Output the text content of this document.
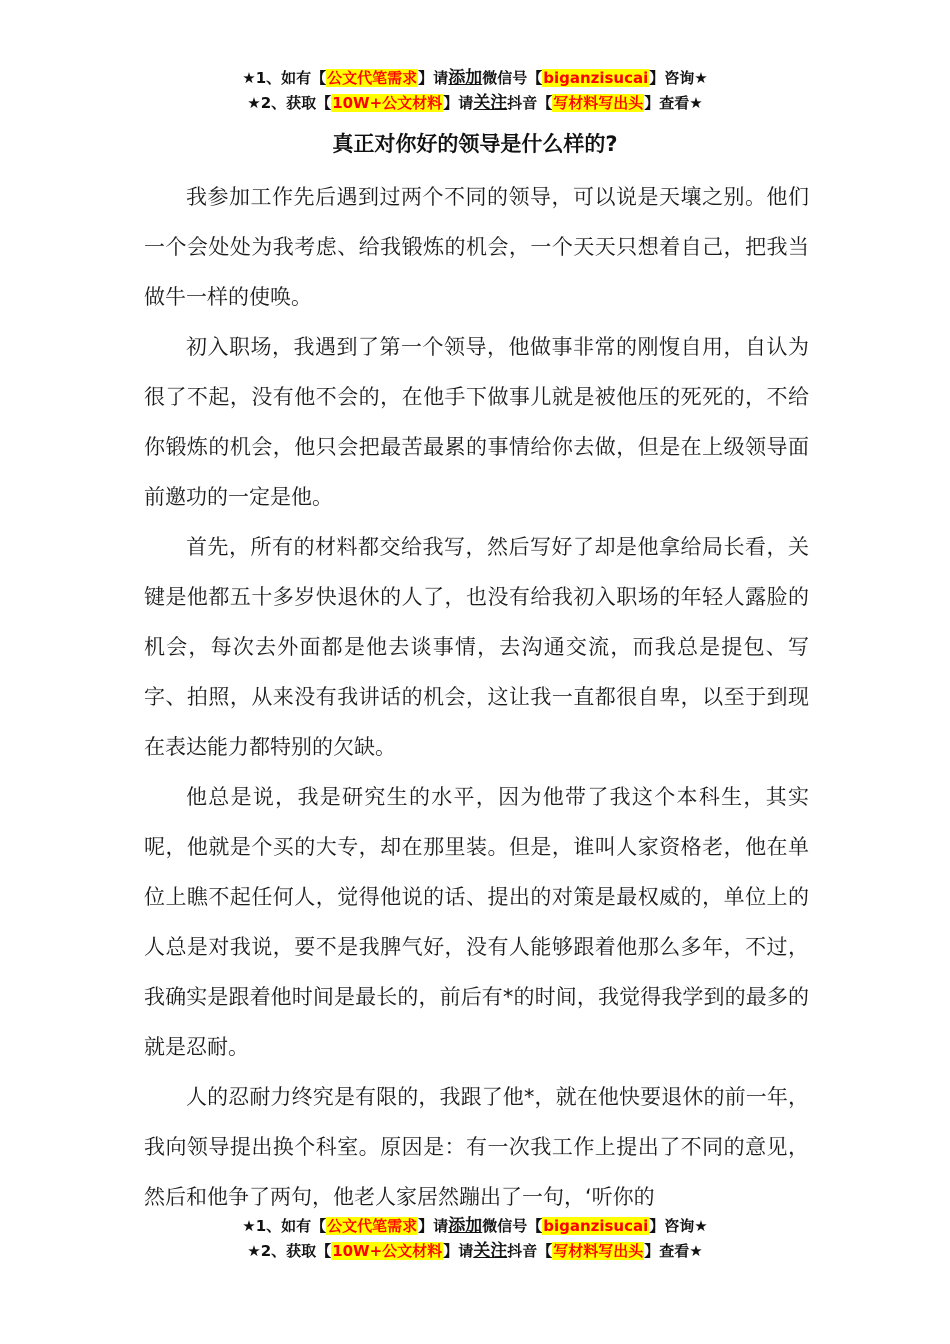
★1、如有【公文代笔需求】请添加微信号【biganzisucai】咨询★
★2、获取【10W+公文材料】请关注抖音【写材料写出头】查看★
真正对你好的领导是什么样的?

我参加工作先后遇到过两个不同的领导，可以说是天壤之别。他们一个会处处为我考虑、给我锻炼的机会，一个天天只想着自己，把我当做牛一样的使唤。

初入职场，我遇到了第一个领导，他做事非常的刚愎自用，自认为很了不起，没有他不会的，在他手下做事儿就是被他压的死死的，不给你锻炼的机会，他只会把最苦最累的事情给你去做，但是在上级领导面前邀功的一定是他。

首先，所有的材料都交给我写，然后写好了却是他拿给局长看，关键是他都五十多岁快退休的人了，也没有给我初入职场的年轻人露脸的机会，每次去外面都是他去谈事情，去沟通交流，而我总是提包、写字、拍照，从来没有我讲话的机会，这让我一直都很自卑，以至于到现在表达能力都特别的欠缺。

他总是说，我是研究生的水平，因为他带了我这个本科生，其实呢，他就是个买的大专，却在那里装。但是，谁叫人家资格老，他在单位上瞧不起任何人，觉得他说的话、提出的对策是最权威的，单位上的人总是对我说，要不是我脾气好，没有人能够跟着他那么多年，不过，我确实是跟着他时间是最长的，前后有*的时间，我觉得我学到的最多的就是忍耐。

人的忍耐力终究是有限的，我跟了他*，就在他快要退休的前一年，我向领导提出换个科室。原因是：有一次我工作上提出了不同的意见，然后和他争了两句，他老人家居然蹦出了一句，‘听你的

★1、如有【公文代笔需求】请添加微信号【biganzisucai】咨询★
★2、获取【10W+公文材料】请关注抖音【写材料写出头】查看★
